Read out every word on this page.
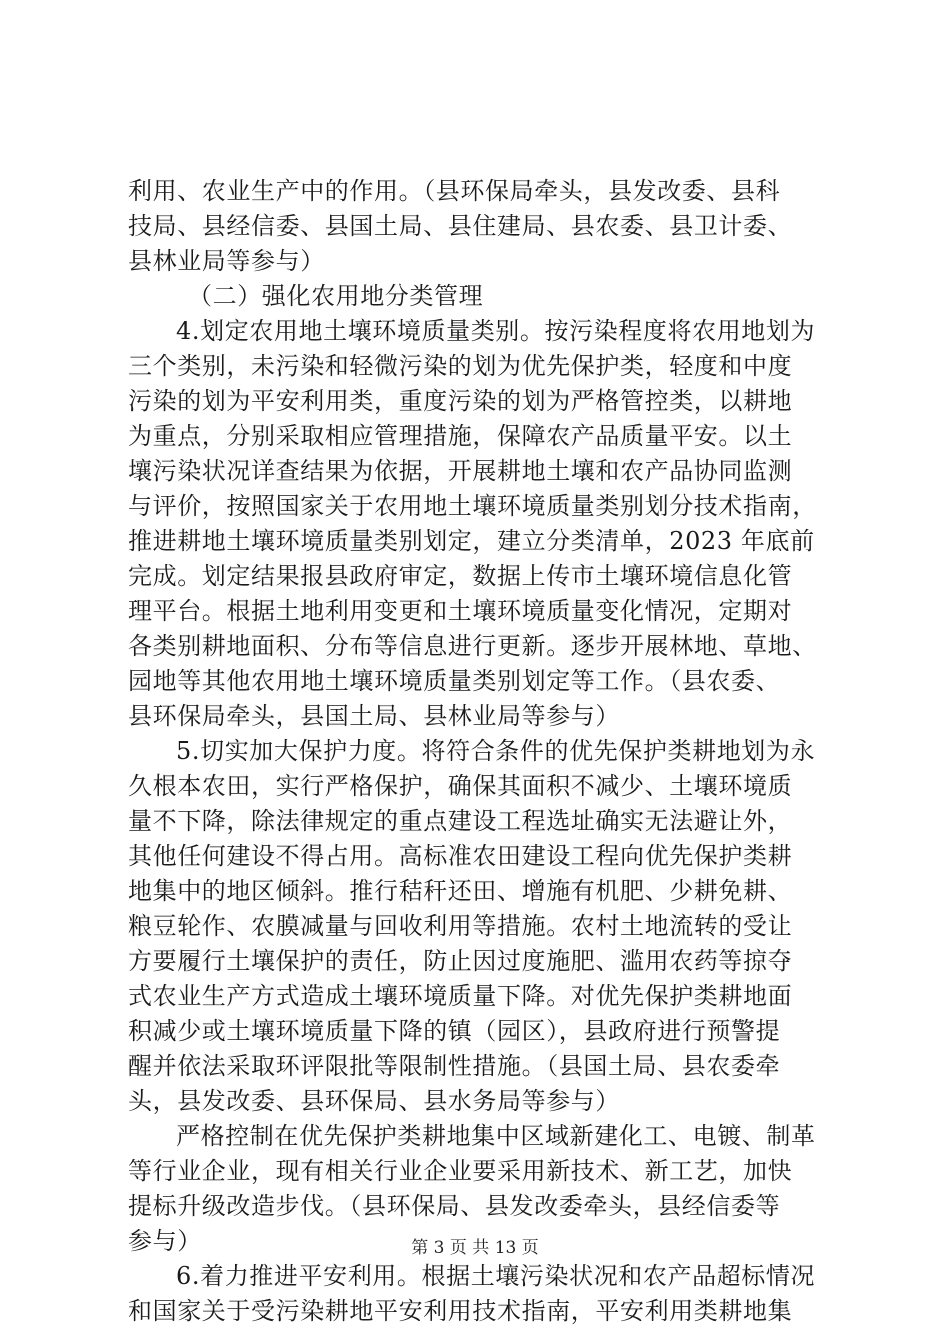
利用、农业生产中的作用。（县环保局牵头，县发改委、县科
技局、县经信委、县国土局、县住建局、县农委、县卫计委、
县林业局等参与）
（二）强化农用地分类管理
4.划定农用地土壤环境质量类别。按污染程度将农用地划为
三个类别，未污染和轻微污染的划为优先保护类，轻度和中度
污染的划为平安利用类，重度污染的划为严格管控类，以耕地
为重点，分别采取相应管理措施，保障农产品质量平安。以土
壤污染状况详查结果为依据，开展耕地土壤和农产品协同监测
与评价，按照国家关于农用地土壤环境质量类别划分技术指南，
推进耕地土壤环境质量类别划定，建立分类清单，2023 年底前
完成。划定结果报县政府审定，数据上传市土壤环境信息化管
理平台。根据土地利用变更和土壤环境质量变化情况，定期对
各类别耕地面积、分布等信息进行更新。逐步开展林地、草地、
园地等其他农用地土壤环境质量类别划定等工作。（县农委、
县环保局牵头，县国土局、县林业局等参与）
5.切实加大保护力度。将符合条件的优先保护类耕地划为永
久根本农田，实行严格保护，确保其面积不减少、土壤环境质
量不下降，除法律规定的重点建设工程选址确实无法避让外，
其他任何建设不得占用。高标准农田建设工程向优先保护类耕
地集中的地区倾斜。推行秸秆还田、增施有机肥、少耕免耕、
粮豆轮作、农膜减量与回收利用等措施。农村土地流转的受让
方要履行土壤保护的责任，防止因过度施肥、滥用农药等掠夺
式农业生产方式造成土壤环境质量下降。对优先保护类耕地面
积减少或土壤环境质量下降的镇（园区），县政府进行预警提
醒并依法采取环评限批等限制性措施。（县国土局、县农委牵
头，县发改委、县环保局、县水务局等参与）
严格控制在优先保护类耕地集中区域新建化工、电镀、制革
等行业企业，现有相关行业企业要采用新技术、新工艺，加快
提标升级改造步伐。（县环保局、县发改委牵头，县经信委等
参与）
6.着力推进平安利用。根据土壤污染状况和农产品超标情况
和国家关于受污染耕地平安利用技术指南，平安利用类耕地集
第 3 页 共 13 页
